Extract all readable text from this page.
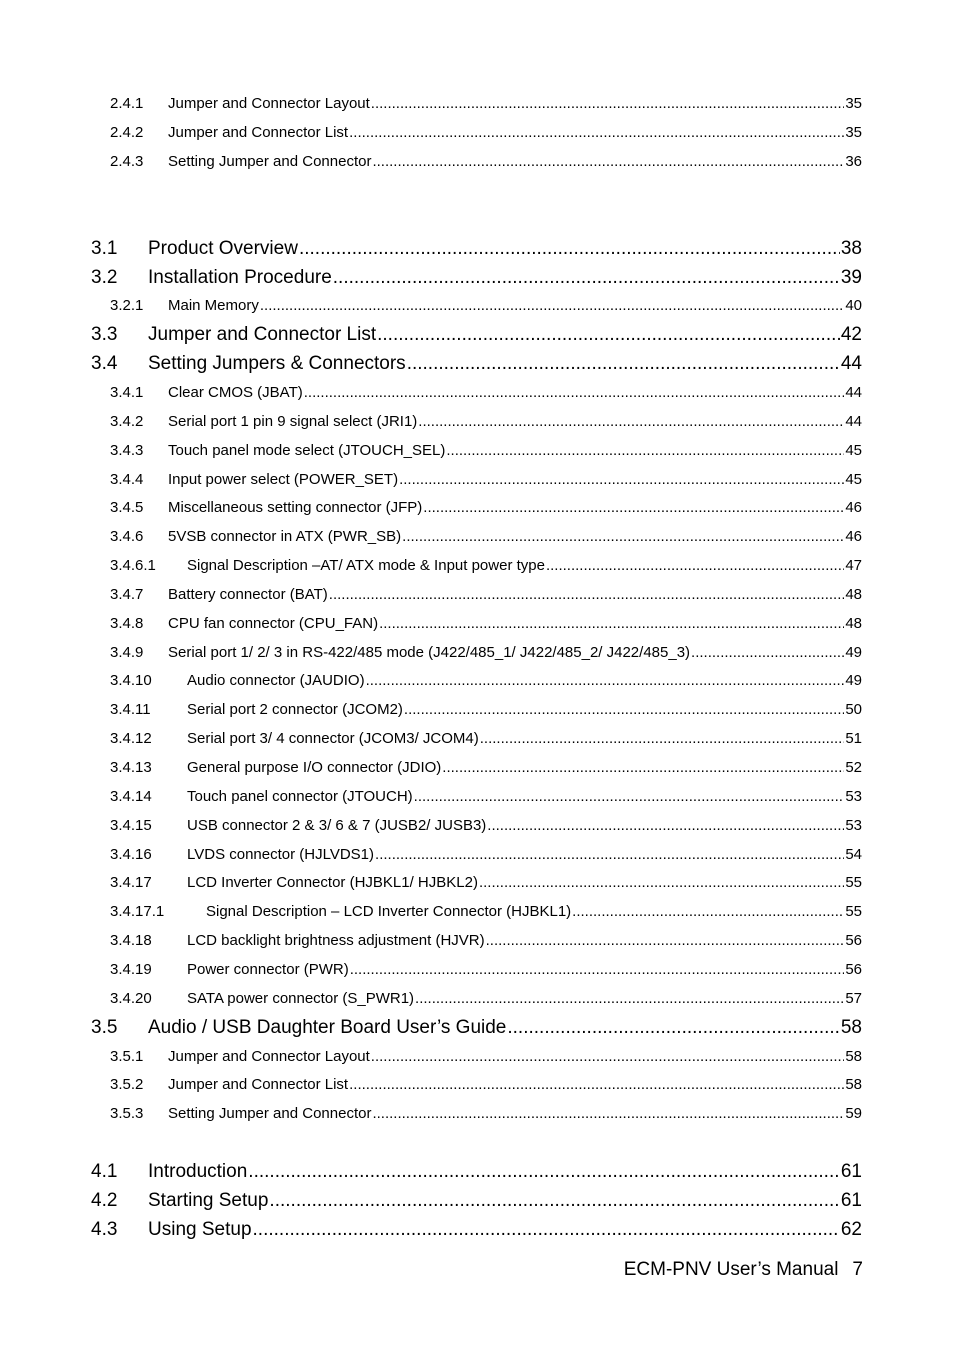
2.4.1 Jumper and Connector Layout .....	35
2.4.2 Jumper and Connector List .....	35
2.4.3 Setting Jumper and Connector .....	36
3.1 Product Overview .....	38
3.2 Installation Procedure .....	39
3.2.1 Main Memory .....	40
3.3 Jumper and Connector List .....	42
3.4 Setting Jumpers & Connectors .....	44
3.4.1 Clear CMOS (JBAT) .....	44
3.4.2 Serial port 1 pin 9 signal select (JRI1) .....	44
3.4.3 Touch panel mode select (JTOUCH_SEL) .....	45
3.4.4 Input power select (POWER_SET) .....	45
3.4.5 Miscellaneous setting connector (JFP) .....	46
3.4.6 5VSB connector in ATX (PWR_SB) .....	46
3.4.6.1 Signal Description –AT/ ATX mode & Input power type .....	47
3.4.7 Battery connector (BAT) .....	48
3.4.8 CPU fan connector (CPU_FAN) .....	48
3.4.9 Serial port 1/ 2/ 3 in RS-422/485 mode (J422/485_1/ J422/485_2/ J422/485_3) .....	49
3.4.10 Audio connector (JAUDIO) .....	49
3.4.11 Serial port 2 connector (JCOM2) .....	50
3.4.12 Serial port 3/ 4 connector (JCOM3/ JCOM4) .....	51
3.4.13 General purpose I/O connector (JDIO) .....	52
3.4.14 Touch panel connector (JTOUCH) .....	53
3.4.15 USB connector 2 & 3/ 6 & 7 (JUSB2/ JUSB3) .....	53
3.4.16 LVDS connector (HJLVDS1) .....	54
3.4.17 LCD Inverter Connector (HJBKL1/ HJBKL2) .....	55
3.4.17.1	Signal Description – LCD Inverter Connector (HJBKL1) .....	55
3.4.18 LCD backlight brightness adjustment (HJVR) .....	56
3.4.19 Power connector (PWR) .....	56
3.4.20 SATA power connector (S_PWR1) .....	57
3.5 Audio / USB Daughter Board User’s Guide .....	58
3.5.1 Jumper and Connector Layout .....	58
3.5.2 Jumper and Connector List .....	58
3.5.3 Setting Jumper and Connector .....	59
4.1 Introduction .....	61
4.2 Starting Setup .....	61
4.3 Using Setup .....	62
ECM-PNV User’s Manual 7
